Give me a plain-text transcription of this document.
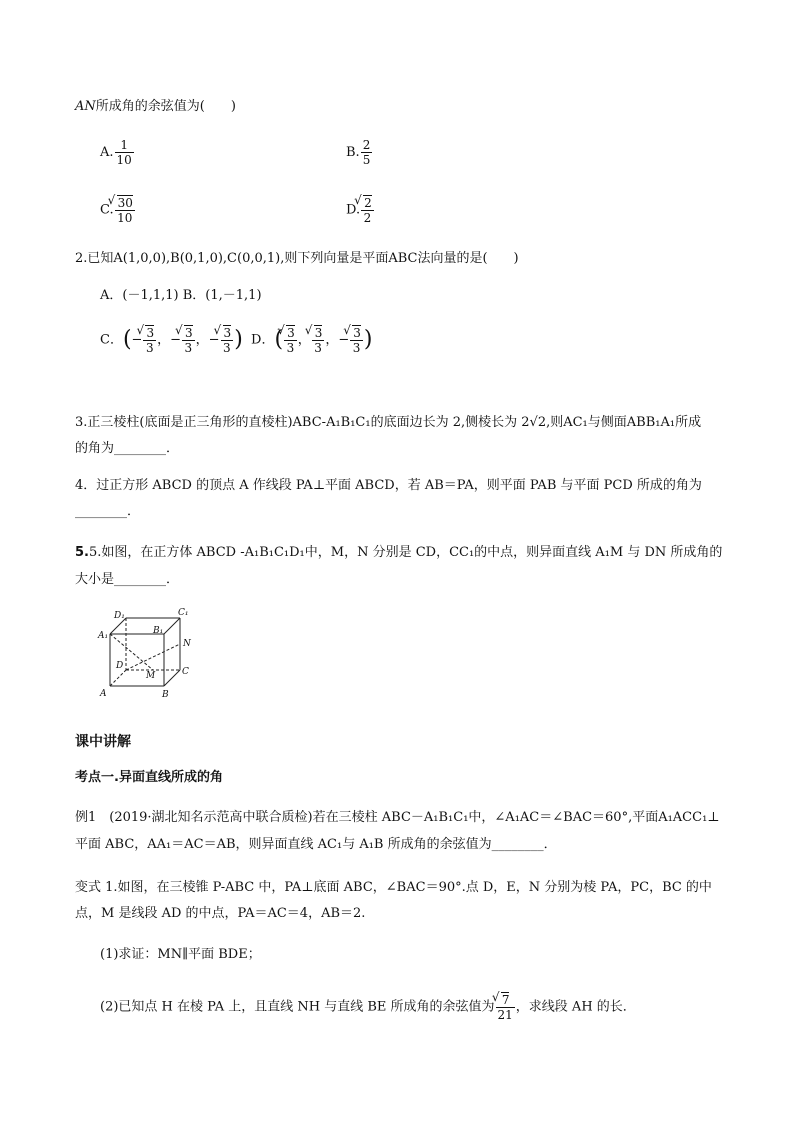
AN所成角的余弦值为(　　)
A. $\frac{1}{10}$	B. $\frac{2}{5}$
C. √ $\frac{30}{10}$	D. √ $\frac{2}{2}$
2.已知A(1,0,0),B(0,1,0),C(0,0,1),则下列向量是平面ABC法向量的是(　　)
A．(－1,1,1) B．(1,－1,1)
C．(− √ $\frac{3}{3}$ ，− √ $\frac{3}{3}$ ，− √ $\frac{3}{3}$ ) D．( √ $\frac{3}{3}$ ， √ $\frac{3}{3}$ ，− √ $\frac{3}{3}$ )
3.正三棱柱(底面是正三角形的直棱柱)ABC-A₁B₁C₁的底面边长为 2,侧棱长为 2√2,则AC₁与侧面ABB₁A₁所成
的角为________．
4．过正方形 ABCD 的顶点 A 作线段 PA⊥平面 ABCD，若 AB＝PA，则平面 PAB 与平面 PCD 所成的角为
________．
5.5.如图，在正方体 ABCD -A₁B₁C₁D₁中，M，N 分别是 CD，CC₁的中点，则异面直线 A₁M 与 DN 所成角的
大小是________．
D₁	C₁
A₁	B₁
N
D
C
M
A	B
课中讲解
考点一.异面直线所成的角
例1　(2019·湖北知名示范高中联合质检)若在三棱柱 ABC－A₁B₁C₁中，∠A₁AC＝∠BAC＝60°,平面A₁ACC₁⊥
平面 ABC，AA₁＝AC＝AB，则异面直线 AC₁与 A₁B 所成角的余弦值为________．
变式 1.如图，在三棱锥 P-ABC 中，PA⊥底面 ABC，∠BAC＝90°.点 D，E，N 分别为棱 PA，PC，BC 的中
点，M 是线段 AD 的中点，PA＝AC＝4，AB＝2.
(1)求证：MN∥平面 BDE；
(2)已知点 H 在棱 PA 上，且直线 NH 与直线 BE 所成角的余弦值为 √ $\frac{7}{21}$ ，求线段 AH 的长．
